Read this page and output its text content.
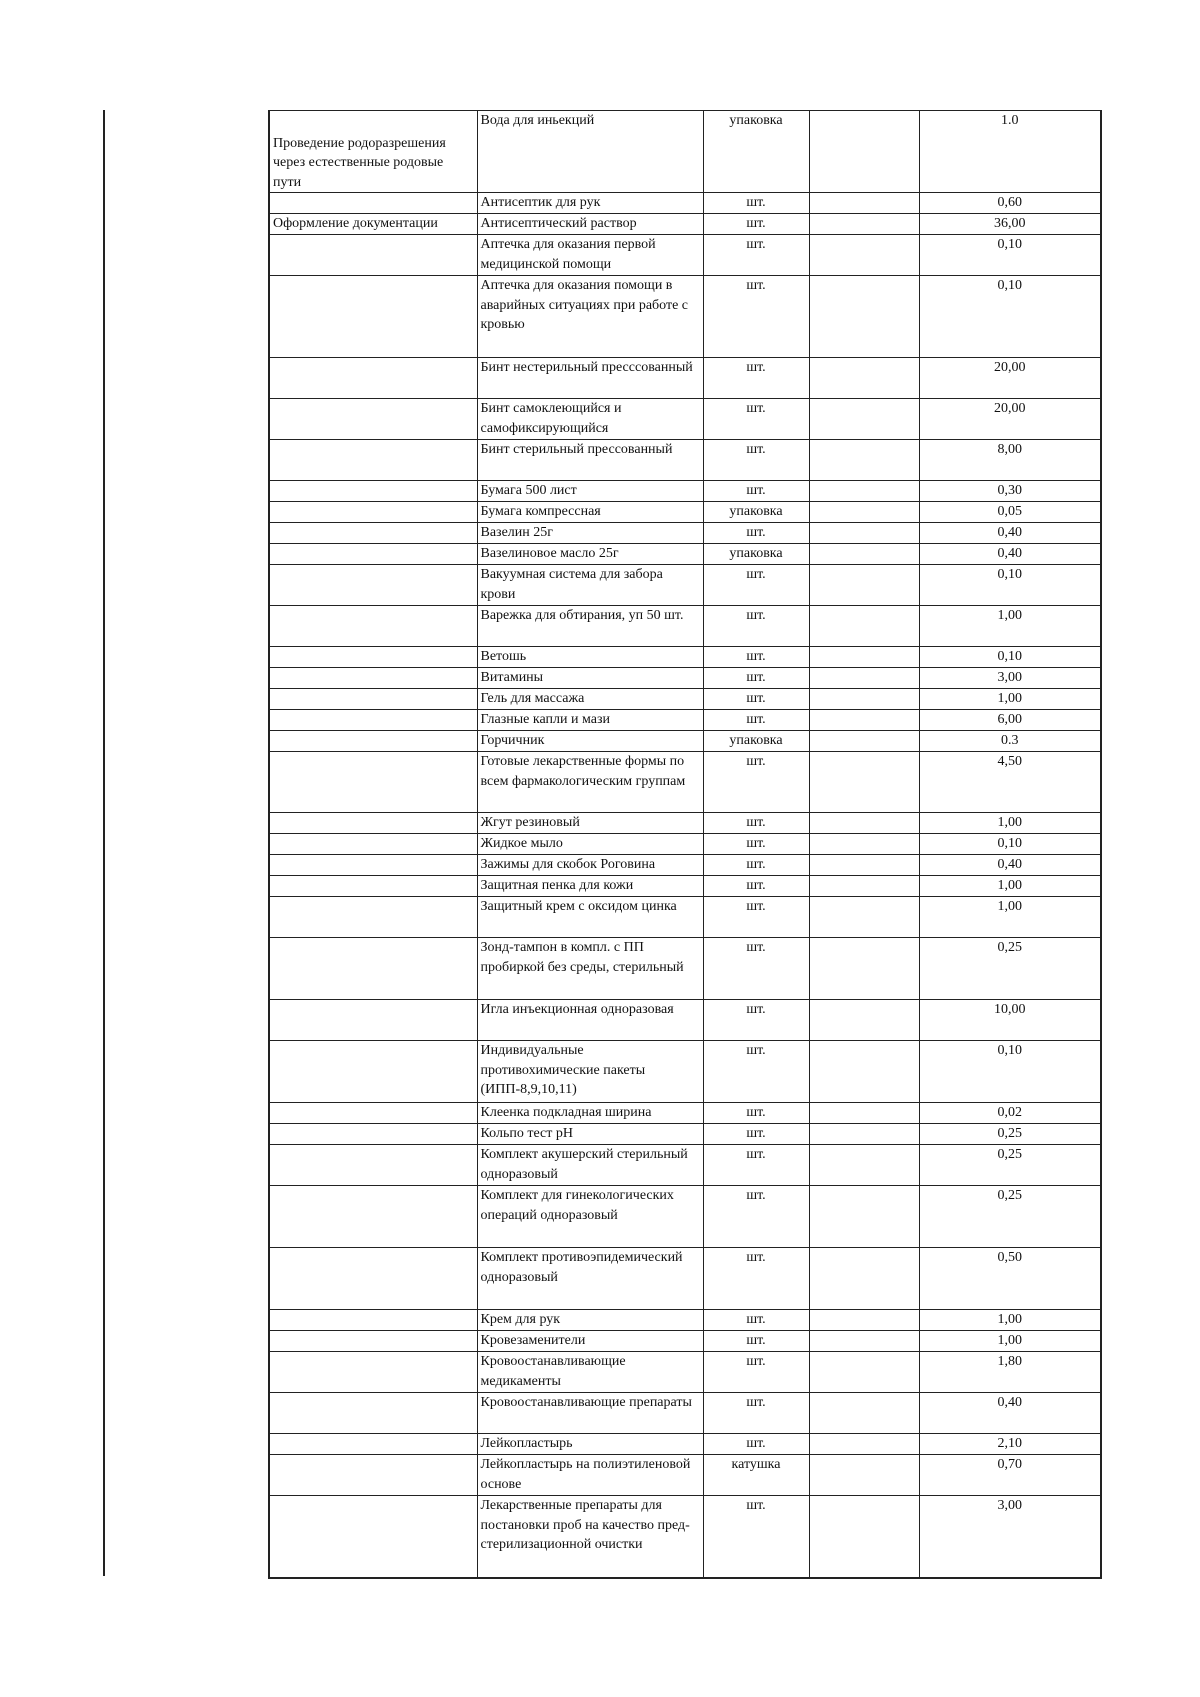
Проведение родоразрешения через естественные родовые пути	Вода для иньекций	упаковка		1.0
	Антисептик для рук	шт.		0,60
Оформление документации	Антисептический раствор	шт.		36,00
	Аптечка для оказания первой медицинской помощи	шт.		0,10
	Аптечка для оказания помощи в аварийных ситуациях при работе с кровью	шт.		0,10
	Бинт нестерильный прессcованный	шт.		20,00
	Бинт самоклеющийся и самофиксирующийся	шт.		20,00
	Бинт стерильный прессованный	шт.		8,00
	Бумага 500 лист	шт.		0,30
	Бумага компрессная	упаковка		0,05
	Вазелин 25г	шт.		0,40
	Вазелиновое масло 25г	упаковка		0,40
	Вакуумная система для забора крови	шт.		0,10
	Варежка для обтирания, уп 50 шт.	шт.		1,00
	Ветошь	шт.		0,10
	Витамины	шт.		3,00
	Гель для массажа	шт.		1,00
	Глазные капли и мази	шт.		6,00
	Горчичник	упаковка		0.3
	Готовые лекарственные формы по всем фармакологическим группам	шт.		4,50
	Жгут резиновый	шт.		1,00
	Жидкое мыло	шт.		0,10
	Зажимы для скобок Роговина	шт.		0,40
	Защитная пенка для кожи	шт.		1,00
	Защитный крем с оксидом цинка	шт.		1,00
	Зонд-тампон в компл. с ПП пробиркой без среды, стерильный	шт.		0,25
	Игла инъекционная одноразовая	шт.		10,00
	Индивидуальные противохимические пакеты (ИПП-8,9,10,11)	шт.		0,10
	Клеенка подкладная ширина	шт.		0,02
	Кольпо тест pH	шт.		0,25
	Комплект акушерский стерильный одноразовый	шт.		0,25
	Комплект для гинекологических операций одноразовый	шт.		0,25
	Комплект противоэпидемический одноразовый	шт.		0,50
	Крем для рук	шт.		1,00
	Кровезаменители	шт.		1,00
	Кровоостанавливающие медикаменты	шт.		1,80
	Кровоостанавливающие препараты	шт.		0,40
	Лейкопластырь	шт.		2,10
	Лейкопластырь на полиэтиленовой основе	катушка		0,70
	Лекарственные препараты для постановки проб на качество пред-стерилизационной очистки	шт.		3,00
